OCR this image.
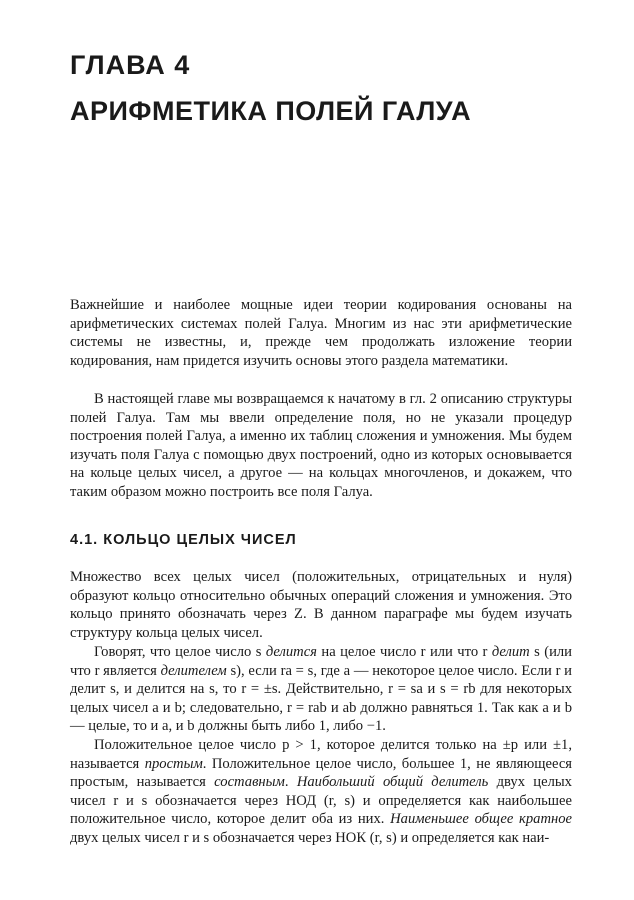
ГЛАВА 4
АРИФМЕТИКА ПОЛЕЙ ГАЛУА

Важнейшие и наиболее мощные идеи теории кодирования основаны на арифметических системах полей Галуа. Многим из нас эти арифметические системы не известны, и, прежде чем продолжать изложение теории кодирования, нам придется изучить основы этого раздела математики.

В настоящей главе мы возвращаемся к начатому в гл. 2 описанию структуры полей Галуа. Там мы ввели определение поля, но не указали процедур построения полей Галуа, а именно их таблиц сложения и умножения. Мы будем изучать поля Галуа с помощью двух построений, одно из которых основывается на кольце целых чисел, а другое — на кольцах многочленов, и докажем, что таким образом можно построить все поля Галуа.

4.1. КОЛЬЦО ЦЕЛЫХ ЧИСЕЛ

Множество всех целых чисел (положительных, отрицательных и нуля) образуют кольцо относительно обычных операций сложения и умножения. Это кольцо принято обозначать через Z. В данном параграфе мы будем изучать структуру кольца целых чисел.

Говорят, что целое число s делится на целое число r или что r делит s (или что r является делителем s), если ra = s, где a — некоторое целое число. Если r и делит s, и делится на s, то r = ±s. Действительно, r = sa и s = rb для некоторых целых чисел a и b; следовательно, r = rab и ab должно равняться 1. Так как a и b — целые, то и a, и b должны быть либо 1, либо −1.

Положительное целое число p > 1, которое делится только на ±p или ±1, называется простым. Положительное целое число, большее 1, не являющееся простым, называется составным. Наибольший общий делитель двух целых чисел r и s обозначается через НОД (r, s) и определяется как наибольшее положительное число, которое делит оба из них. Наименьшее общее кратное двух целых чисел r и s обозначается через НОК (r, s) и определяется как наи-
